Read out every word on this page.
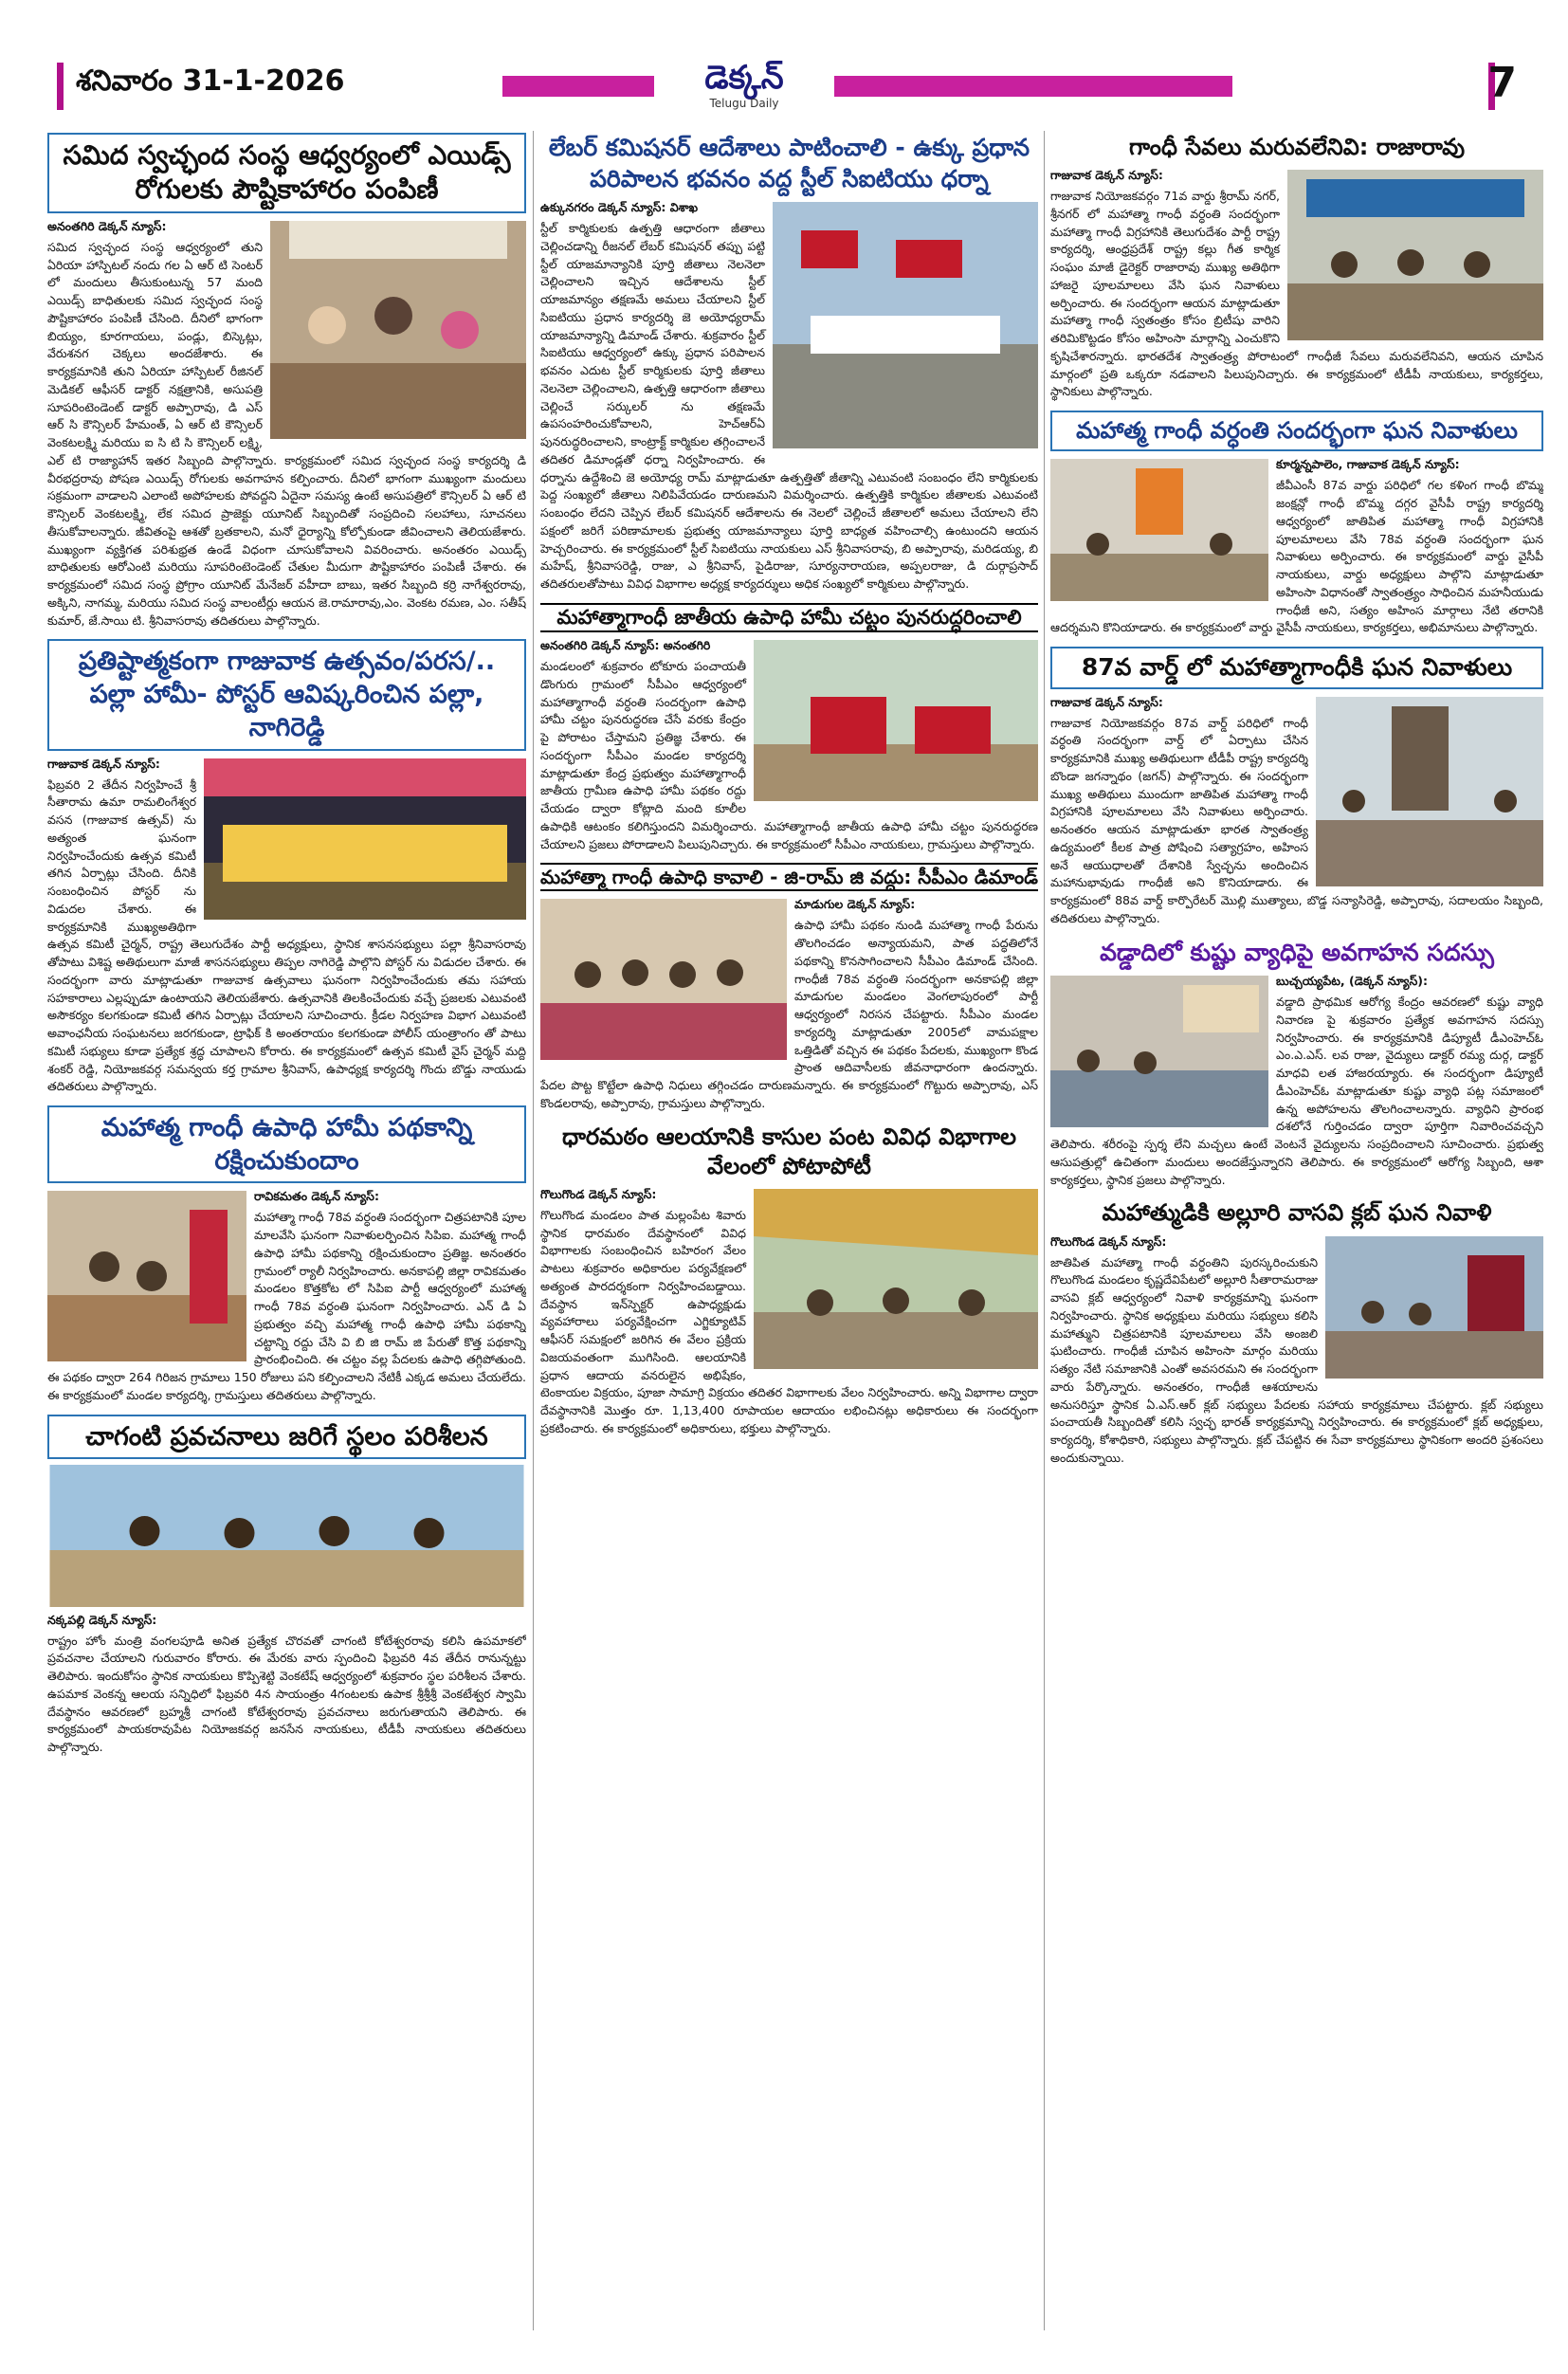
శనివారం 31-1-2026	డెక్కన్
Telugu Daily	7
సమిద స్వచ్ఛంద సంస్థ ఆధ్వర్యంలో ఎయిడ్స్ రోగులకు పౌష్టికాహారం పంపిణీ
అనంతగిరి డెక్కన్ న్యూస్:

సమిద స్వచ్ఛంద సంస్థ ఆధ్వర్యంలో తుని ఏరియా హాస్పిటల్ నందు గల ఏ ఆర్ టి సెంటర్ లో మందులు తీసుకుంటున్న 57 మంది ఎయిడ్స్ బాధితులకు సమిద స్వచ్ఛంద సంస్థ పౌష్టికాహారం పంపిణీ చేసింది. దీనిలో భాగంగా బియ్యం, కూరగాయలు, పండ్లు, బిస్కెట్లు, వేరుశనగ చెక్కలు అందజేశారు. ఈ కార్యక్రమానికి తుని ఏరియా హాస్పిటల్ రీజినల్ మెడికల్ ఆఫీసర్ డాక్టర్ నక్షత్రానికి, అసుపత్రి సూపరింటెండెంట్ డాక్టర్ అప్పారావు, డి ఎస్ ఆర్ సి కౌన్సిలర్ హేమంత్, ఏ ఆర్ టి కౌన్సిలర్ వెంకటలక్ష్మి మరియు ఐ సి టి సి కౌన్సిలర్ లక్ష్మి, ఎల్ టి రాజ్యాహాన్ ఇతర సిబ్బంది పాల్గొన్నారు. కార్యక్రమంలో సమిద స్వచ్ఛంద సంస్థ కార్యదర్శి డి వీరభద్రరావు పోషణ ఎయిడ్స్ రోగులకు అవగాహన కల్పించారు. దీనిలో భాగంగా ముఖ్యంగా మందులు సక్రమంగా వాడాలని ఎలాంటి అపోహలకు పోవద్దని ఏదైనా సమస్య ఉంటే అసుపత్రిలో కౌన్సిలర్ ఏ ఆర్ టి కౌన్సిలర్ వెంకటలక్ష్మి, లేక సమిద ప్రాజెక్టు యూనిట్ సిబ్బందితో సంప్రదించి సలహాలు, సూచనలు తీసుకోవాలన్నారు. జీవితంపై ఆశతో బ్రతకాలని, మనో ధైర్యాన్ని కోల్పోకుండా జీవించాలని తెలియజేశారు. ముఖ్యంగా వ్యక్తిగత పరిశుభ్రత ఉండే విధంగా చూసుకోవాలని వివరించారు. అనంతరం ఎయిడ్స్ బాధితులకు ఆరోఎంటి మరియు సూపరింటెండెంట్ చేతుల మీదుగా పౌష్టికాహారం పంపిణీ చేశారు. ఈ కార్యక్రమంలో సమిద సంస్థ ప్రోగ్రాం యూనిట్ మేనేజర్ వహీదా బాబు, ఇతర సిబ్బంది కర్రి నాగేశ్వరరావు, అక్కిని, నాగమ్మ, మరియు సమిద సంస్థ వాలంటీర్లు ఆయన జె.రామారావు,ఎం. వెంకట రమణ, ఎం. సతీష్ కుమార్, జే.సాయి టి. శ్రీనివాసరావు తదితరులు పాల్గొన్నారు.

ప్రతిష్టాత్మకంగా గాజువాక ఉత్సవం/పరస/.. పల్లా హామీ- పోస్టర్ ఆవిష్కరించిన పల్లా, నాగిరెడ్డి
గాజువాక డెక్కన్ న్యూస్:

ఫిబ్రవరి 2 తేదీన నిర్వహించే శ్రీ సీతారామ ఉమా రామలింగేశ్వర వసన (గాజువాక ఉత్సవ్) ను అత్యంత ఘనంగా నిర్వహించేందుకు ఉత్సవ కమిటీ తగిన ఏర్పాట్లు చేసింది. దీనికి సంబంధించిన పోస్టర్ ను విడుదల చేశారు. ఈ కార్యక్రమానికి ముఖ్యఅతిథిగా ఉత్సవ కమిటీ చైర్మన్, రాష్ట్ర తెలుగుదేశం పార్టీ అధ్యక్షులు, స్థానిక శాసనసభ్యులు పల్లా శ్రీనివాసరావు తోపాటు విశిష్ట అతిథులుగా మాజీ శాసనసభ్యులు తిప్పల నాగిరెడ్డి పాల్గొని పోస్టర్ ను విడుదల చేశారు. ఈ సందర్భంగా వారు మాట్లాడుతూ గాజువాక ఉత్సవాలు ఘనంగా నిర్వహించేందుకు తమ సహాయ సహకారాలు ఎల్లప్పుడూ ఉంటాయని తెలియజేశారు. ఉత్సవానికి తిలకించేందుకు వచ్చే ప్రజలకు ఎటువంటి అసౌకర్యం కలగకుండా కమిటీ తగిన ఏర్పాట్లు చేయాలని సూచించారు. క్రీడల నిర్వహణ విభాగ ఎటువంటి అవాంఛనీయ సంఘటనలు జరగకుండా, ట్రాఫిక్ కి అంతరాయం కలగకుండా పోలీస్ యంత్రాంగం తో పాటు కమిటీ సభ్యులు కూడా ప్రత్యేక శ్రద్ధ చూపాలని కోరారు. ఈ కార్యక్రమంలో ఉత్సవ కమిటీ వైస్ చైర్మన్ మద్ది శంకర్ రెడ్డి, నియోజకవర్గ సమన్వయ కర్త గ్రామాల శ్రీనివాస్, ఉపాధ్యక్ష కార్యదర్శి గొందు బొడ్డు నాయుడు తదితరులు పాల్గొన్నారు.

మహాత్మ గాంధీ ఉపాధి హామీ పథకాన్ని రక్షించుకుందాం
రావికమతం డెక్కన్ న్యూస్:

మహాత్మా గాంధీ 78వ వర్ధంతి సందర్భంగా చిత్రపటానికి పూల మాలవేసి ఘనంగా నివాళులర్పించిన సిపిఐ. మహాత్మ గాంధీ ఉపాధి హామీ పథకాన్ని రక్షించుకుందాం ప్రతిజ్ఞ. అనంతరం గ్రామంలో ర్యాలీ నిర్వహించారు. అనకాపల్లి జిల్లా రావికమతం మండలం కొత్తకోట లో సిపిఐ పార్టీ ఆధ్వర్యంలో మహాత్మ గాంధీ 78వ వర్ధంతి ఘనంగా నిర్వహించారు. ఎన్ డి ఏ ప్రభుత్వం వచ్చి మహాత్మ గాంధీ ఉపాధి హామీ పథకాన్ని చట్టాన్ని రద్దు చేసి వి బి జి రామ్ జి పేరుతో కొత్త పథకాన్ని ప్రారంభించింది. ఈ చట్టం వల్ల పేదలకు ఉపాధి తగ్గిపోతుంది. ఈ పథకం ద్వారా 264 గిరిజన గ్రామాలు 150 రోజులు పని కల్పించాలని నేటికీ ఎక్కడ అమలు చేయలేదు. ఈ కార్యక్రమంలో మండల కార్యదర్శి, గ్రామస్తులు తదితరులు పాల్గొన్నారు.

చాగంటి ప్రవచనాలు జరిగే స్థలం పరిశీలన
నక్కపల్లి డెక్కన్ న్యూస్:

రాష్ట్రం హోం మంత్రి వంగలపూడి అనిత ప్రత్యేక చొరవతో చాగంటి కోటేశ్వరరావు కలిసి ఉపమాకలో ప్రవచనాల చేయాలని గురువారం కోరారు. ఈ మేరకు వారు స్పందించి ఫిబ్రవరి 4వ తేదీన రానున్నట్టు తెలిపారు. ఇందుకోసం స్థానిక నాయకులు కొప్పిశెట్టి వెంకటేష్ ఆధ్వర్యంలో శుక్రవారం స్థల పరిశీలన చేశారు. ఉపమాక వెంకన్న ఆలయ సన్నిధిలో ఫిబ్రవరి 4న సాయంత్రం 4గంటలకు ఉపాక శ్రీశ్రీశ్రీ వెంకటేశ్వర స్వామి దేవస్థానం ఆవరణలో బ్రహ్మశ్రీ చాగంటి కోటేశ్వరరావు ప్రవచనాలు జరుగుతాయని తెలిపారు. ఈ కార్యక్రమంలో పాయకరావుపేట నియోజకవర్గ జనసేన నాయకులు, టీడీపీ నాయకులు తదితరులు పాల్గొన్నారు.

లేబర్ కమిషనర్ ఆదేశాలు పాటించాలి - ఉక్కు ప్రధాన పరిపాలన భవనం వద్ద స్టీల్ సిఐటియు ధర్నా
ఉక్కునగరం డెక్కన్ న్యూస్: విశాఖ

స్టీల్ కార్మికులకు ఉత్పత్తి ఆధారంగా జీతాలు చెల్లించడాన్ని రీజనల్ లేబర్ కమిషనర్ తప్పు పట్టి స్టీల్ యాజమాన్యానికి పూర్తి జీతాలు నెలనెలా చెల్లించాలని ఇచ్చిన ఆదేశాలను స్టీల్ యాజమాన్యం తక్షణమే అమలు చేయాలని స్టీల్ సిఐటియు ప్రధాన కార్యదర్శి జె అయోధ్యరామ్ యాజమాన్యాన్ని డిమాండ్ చేశారు. శుక్రవారం స్టీల్ సిఐటియు ఆధ్వర్యంలో ఉక్కు ప్రధాన పరిపాలన భవనం ఎదుట స్టీల్ కార్మికులకు పూర్తి జీతాలు నెలనెలా చెల్లించాలని, ఉత్పత్తి ఆధారంగా జీతాలు చెల్లించే సర్కులర్ ను తక్షణమే ఉపసంహరించుకోవాలని, హెచ్ఆర్ఏ పునరుద్ధరించాలని, కాంట్రాక్ట్ కార్మికుల తగ్గించాలనే తదితర డిమాండ్లతో ధర్నా నిర్వహించారు. ఈ ధర్నాను ఉద్దేశించి జె అయోధ్య రామ్ మాట్లాడుతూ ఉత్పత్తితో జీతాన్ని ఎటువంటి సంబంధం లేని కార్మికులకు పెద్ద సంఖ్యలో జీతాలు నిలిపివేయడం దారుణమని విమర్శించారు. ఉత్పత్తికి కార్మికుల జీతాలకు ఎటువంటి సంబంధం లేదని చెప్పిన లేబర్ కమిషనర్ ఆదేశాలను ఈ నెలలో చెల్లించే జీతాలలో అమలు చేయాలని లేని పక్షంలో జరిగే పరిణామాలకు ప్రభుత్వ యాజమాన్యాలు పూర్తి బాధ్యత వహించాల్సి ఉంటుందని ఆయన హెచ్చరించారు. ఈ కార్యక్రమంలో స్టీల్ సిఐటియు నాయకులు ఎస్ శ్రీనివాసరావు, బి అప్పారావు, మరిడయ్య, బి మహేష్, శ్రీనివాసరెడ్డి, రాజు, ఎ శ్రీనివాస్, పైడిరాజు, సూర్యనారాయణ, అప్పలరాజు, డి దుర్గాప్రసాద్ తదితరులతోపాటు వివిధ విభాగాల అధ్యక్ష కార్యదర్శులు అధిక సంఖ్యలో కార్మికులు పాల్గొన్నారు.

మహాత్మాగాంధీ జాతీయ ఉపాధి హామీ చట్టం పునరుద్ధరించాలి
అనంతగిరి డెక్కన్ న్యూస్: అనంతగిరి

మండలంలో శుక్రవారం టోకూరు పంచాయతీ డొంగురు గ్రామంలో సీపీఎం ఆధ్వర్యంలో మహాత్మాగాంధీ వర్ధంతి సందర్భంగా ఉపాధి హామీ చట్టం పునరుద్ధరణ చేసే వరకు కేంద్రం పై పోరాటం చేస్తామని ప్రతిజ్ఞ చేశారు. ఈ సందర్భంగా సీపీఎం మండల కార్యదర్శి మాట్లాడుతూ కేంద్ర ప్రభుత్వం మహాత్మాగాంధీ జాతీయ గ్రామీణ ఉపాధి హామీ పథకం రద్దు చేయడం ద్వారా కోట్లాది మంది కూలీల ఉపాధికి ఆటంకం కలిగిస్తుందని విమర్శించారు. మహాత్మాగాంధీ జాతీయ ఉపాధి హామీ చట్టం పునరుద్ధరణ చేయాలని ప్రజలు పోరాడాలని పిలుపునిచ్చారు. ఈ కార్యక్రమంలో సీపీఎం నాయకులు, గ్రామస్తులు పాల్గొన్నారు.

మహాత్మా గాంధీ ఉపాధి కావాలి - జి-రామ్ జి వద్దు: సీపీఎం డిమాండ్
మాడుగుల డెక్కన్ న్యూస్:

ఉపాధి హామీ పథకం నుండి మహాత్మా గాంధీ పేరును తొలగించడం అన్యాయమని, పాత పద్ధతిలోనే పథకాన్ని కొనసాగించాలని సీపీఎం డిమాండ్ చేసింది. గాంధీజీ 78వ వర్ధంతి సందర్భంగా అనకాపల్లి జిల్లా మాడుగుల మండలం వెంగలాపురంలో పార్టీ ఆధ్వర్యంలో నిరసన చేపట్టారు. సీపీఎం మండల కార్యదర్శి మాట్లాడుతూ 2005లో వామపక్షాల ఒత్తిడితో వచ్చిన ఈ పథకం పేదలకు, ముఖ్యంగా కొండ ప్రాంత ఆదివాసీలకు జీవనాధారంగా ఉందన్నారు. పేదల పొట్ట కొట్టేలా ఉపాధి నిధులు తగ్గించడం దారుణమన్నారు. ఈ కార్యక్రమంలో గొట్టురు అప్పారావు, ఎస్ కొండలరావు, అప్పారావు, గ్రామస్తులు పాల్గొన్నారు.

ధారమఠం ఆలయానికి కాసుల పంట వివిధ విభాగాల వేలంలో పోటాపోటీ
గొలుగొండ డెక్కన్ న్యూస్:

గొలుగొండ మండలం పాత మల్లంపేట శివారు స్థానిక ధారమఠం దేవస్థానంలో వివిధ విభాగాలకు సంబంధించిన బహిరంగ వేలం పాటలు శుక్రవారం అధికారుల పర్యవేక్షణలో అత్యంత పారదర్శకంగా నిర్వహించబడ్డాయి. దేవస్థాన ఇన్‌స్పెక్టర్ ఉపాధ్యక్షుడు వ్యవహారాలు పర్యవేక్షించగా ఎగ్జిక్యూటివ్ ఆఫీసర్ సమక్షంలో జరిగిన ఈ వేలం ప్రక్రియ విజయవంతంగా ముగిసింది. ఆలయానికి ప్రధాన ఆదాయ వనరులైన అభిషేకం, టెంకాయల విక్రయం, పూజా సామాగ్రి విక్రయం తదితర విభాగాలకు వేలం నిర్వహించారు. అన్ని విభాగాల ద్వారా దేవస్థానానికి మొత్తం రూ. 1,13,400 రూపాయల ఆదాయం లభించినట్లు అధికారులు ఈ సందర్భంగా ప్రకటించారు. ఈ కార్యక్రమంలో అధికారులు, భక్తులు పాల్గొన్నారు.

గాంధీ సేవలు మరువలేనివి: రాజారావు
గాజువాక డెక్కన్ న్యూస్:

గాజువాక నియోజకవర్గం 71వ వార్డు శ్రీరామ్ నగర్, శ్రీనగర్ లో మహాత్మా గాంధీ వర్ధంతి సందర్భంగా మహాత్మా గాంధీ విగ్రహానికి తెలుగుదేశం పార్టీ రాష్ట్ర కార్యదర్శి, ఆంధ్రప్రదేశ్ రాష్ట్ర కల్లు గీత కార్మిక సంఘం మాజీ డైరెక్టర్ రాజారావు ముఖ్య అతిథిగా హాజరై పూలమాలలు వేసి ఘన నివాళులు అర్పించారు. ఈ సందర్భంగా ఆయన మాట్లాడుతూ మహాత్మా గాంధీ స్వతంత్రం కోసం బ్రిటీషు వారిని తరిమికొట్టడం కోసం అహింసా మార్గాన్ని ఎంచుకొని కృషిచేశారన్నారు. భారతదేశ స్వాతంత్ర్య పోరాటంలో గాంధీజీ సేవలు మరువలేనివని, ఆయన చూపిన మార్గంలో ప్రతి ఒక్కరూ నడవాలని పిలుపునిచ్చారు. ఈ కార్యక్రమంలో టీడీపీ నాయకులు, కార్యకర్తలు, స్థానికులు పాల్గొన్నారు.

మహాత్మ గాంధీ వర్ధంతి సందర్భంగా ఘన నివాళులు
కూర్మన్నపాలెం, గాజువాక డెక్కన్ న్యూస్:

జీవీఎంసీ 87వ వార్డు పరిధిలో గల కళింగ గాంధీ బొమ్మ జంక్షన్లో గాంధీ బొమ్మ దగ్గర వైసీపీ రాష్ట్ర కార్యదర్శి ఆధ్వర్యంలో జాతిపిత మహాత్మా గాంధీ విగ్రహానికి పూలమాలలు వేసి 78వ వర్ధంతి సందర్భంగా ఘన నివాళులు అర్పించారు. ఈ కార్యక్రమంలో వార్డు వైసీపీ నాయకులు, వార్డు అధ్యక్షులు పాల్గొని మాట్లాడుతూ అహింసా విధానంతో స్వాతంత్ర్యం సాధించిన మహనీయుడు గాంధీజీ అని, సత్యం అహింస మార్గాలు నేటి తరానికి ఆదర్శమని కొనియాడారు. ఈ కార్యక్రమంలో వార్డు వైసీపీ నాయకులు, కార్యకర్తలు, అభిమానులు పాల్గొన్నారు.

87వ వార్డ్ లో మహాత్మాగాంధీకి ఘన నివాళులు
గాజువాక డెక్కన్ న్యూస్:

గాజువాక నియోజకవర్గం 87వ వార్డ్ పరిధిలో గాంధీ వర్ధంతి సందర్భంగా వార్డ్ లో ఏర్పాటు చేసిన కార్యక్రమానికి ముఖ్య అతిథులుగా టీడీపీ రాష్ట్ర కార్యదర్శి బొండా జగన్నాథం (జగన్) పాల్గొన్నారు. ఈ సందర్భంగా ముఖ్య అతిథులు ముందుగా జాతిపిత మహాత్మా గాంధీ విగ్రహానికి పూలమాలలు వేసి నివాళులు అర్పించారు. అనంతరం ఆయన మాట్లాడుతూ భారత స్వాతంత్ర్య ఉద్యమంలో కీలక పాత్ర పోషించి సత్యాగ్రహం, అహింస అనే ఆయుధాలతో దేశానికి స్వేచ్ఛను అందించిన మహానుభావుడు గాంధీజీ అని కొనియాడారు. ఈ కార్యక్రమంలో 88వ వార్డ్ కార్పొరేటర్ మొల్లి ముత్యాలు, బొడ్డ సన్యాసిరెడ్డి, అప్పారావు, సదాలయం సిబ్బంది, తదితరులు పాల్గొన్నారు.

వడ్డాదిలో కుష్టు వ్యాధిపై అవగాహన సదస్సు
బుచ్చయ్యపేట, (డెక్కన్ న్యూస్):

వడ్డాది ప్రాథమిక ఆరోగ్య కేంద్రం ఆవరణలో కుష్టు వ్యాధి నివారణ పై శుక్రవారం ప్రత్యేక అవగాహన సదస్సు నిర్వహించారు. ఈ కార్యక్రమానికి డిప్యూటీ డీఎంహెచ్ఓ ఎం.ఎ.ఎస్. లవ రాజు, వైద్యులు డాక్టర్ రమ్య దుర్గ, డాక్టర్ మాధవి లత హాజరయ్యారు. ఈ సందర్భంగా డిప్యూటీ డీఎంహెచ్ఓ మాట్లాడుతూ కుష్టు వ్యాధి పట్ల సమాజంలో ఉన్న అపోహలను తొలగించాలన్నారు. వ్యాధిని ప్రారంభ దశలోనే గుర్తించడం ద్వారా పూర్తిగా నివారించవచ్చని తెలిపారు. శరీరంపై స్పర్శ లేని మచ్చలు ఉంటే వెంటనే వైద్యులను సంప్రదించాలని సూచించారు. ప్రభుత్వ ఆసుపత్రుల్లో ఉచితంగా మందులు అందజేస్తున్నారని తెలిపారు. ఈ కార్యక్రమంలో ఆరోగ్య సిబ్బంది, ఆశా కార్యకర్తలు, స్థానిక ప్రజలు పాల్గొన్నారు.

మహాత్ముడికి అల్లూరి వాసవి క్లబ్ ఘన నివాళి
గొలుగొండ డెక్కన్ న్యూస్:

జాతిపిత మహాత్మా గాంధీ వర్ధంతిని పురస్కరించుకుని గొలుగొండ మండలం కృష్ణదేవిపేటలో అల్లూరి సీతారామరాజు వాసవి క్లబ్ ఆధ్వర్యంలో నివాళి కార్యక్రమాన్ని ఘనంగా నిర్వహించారు. స్థానిక అధ్యక్షులు మరియు సభ్యులు కలిసి మహాత్ముని చిత్రపటానికి పూలమాలలు వేసి అంజలి ఘటించారు. గాంధీజీ చూపిన అహింసా మార్గం మరియు సత్యం నేటి సమాజానికి ఎంతో అవసరమని ఈ సందర్భంగా వారు పేర్కొన్నారు. అనంతరం, గాంధీజీ ఆశయాలను అనుసరిస్తూ స్థానిక ఏ.ఎస్.ఆర్ క్లబ్ సభ్యులు పేదలకు సహాయ కార్యక్రమాలు చేపట్టారు. క్లబ్ సభ్యులు పంచాయతీ సిబ్బందితో కలిసి స్వచ్ఛ భారత్ కార్యక్రమాన్ని నిర్వహించారు. ఈ కార్యక్రమంలో క్లబ్ అధ్యక్షులు, కార్యదర్శి, కోశాధికారి, సభ్యులు పాల్గొన్నారు. క్లబ్ చేపట్టిన ఈ సేవా కార్యక్రమాలు స్థానికంగా అందరి ప్రశంసలు అందుకున్నాయి.
